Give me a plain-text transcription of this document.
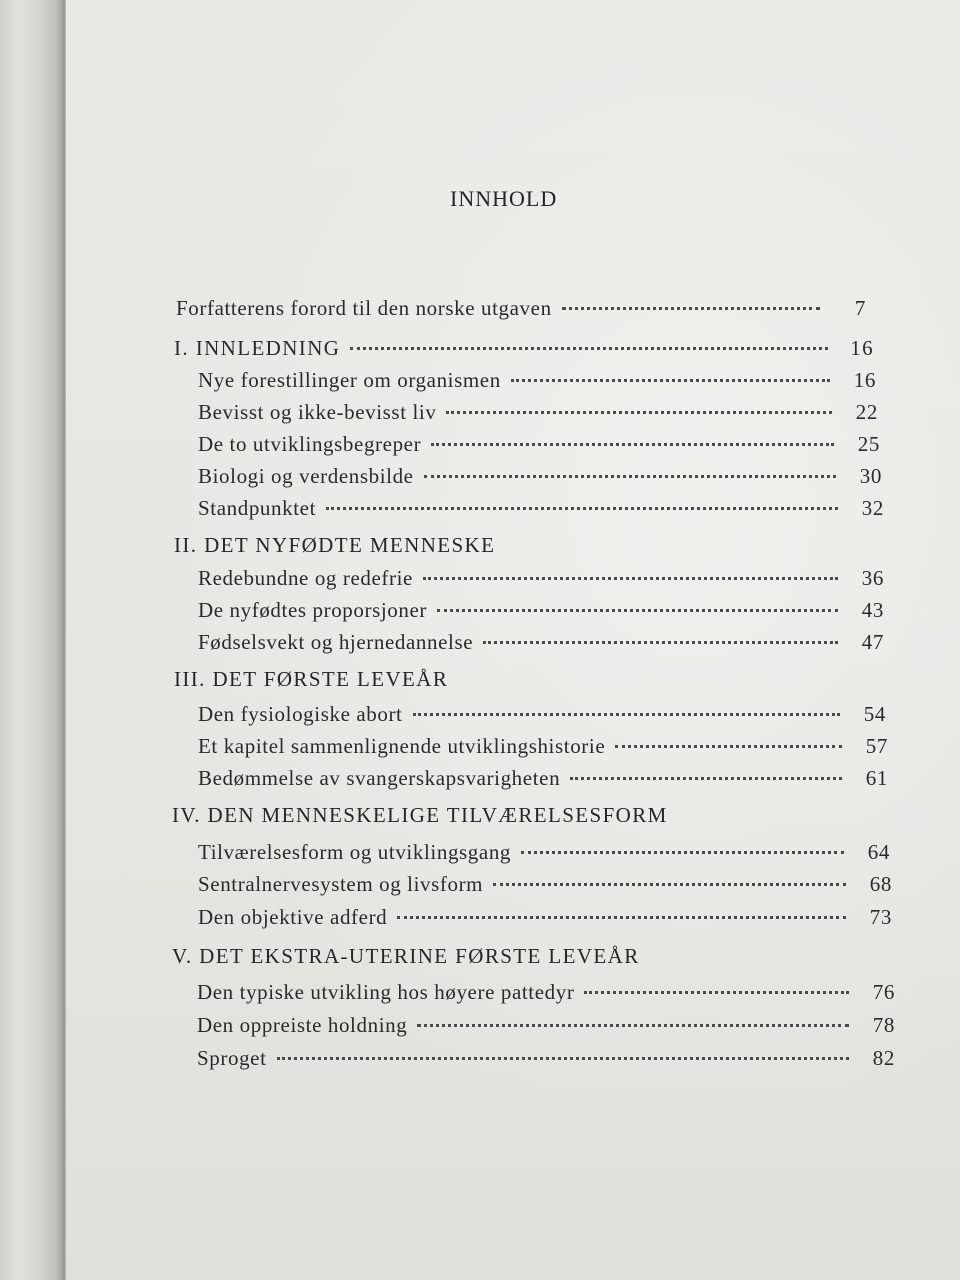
INNHOLD
Forfatterens forord til den norske utgaven	7
I. INNLEDNING	16
Nye forestillinger om organismen	16
Bevisst og ikke-bevisst liv	22
De to utviklingsbegreper	25
Biologi og verdensbilde	30
Standpunktet	32
II. DET NYFØDTE MENNESKE
Redebundne og redefrie	36
De nyfødtes proporsjoner	43
Fødselsvekt og hjernedannelse	47
III. DET FØRSTE LEVEÅR
Den fysiologiske abort	54
Et kapitel sammenlignende utviklingshistorie	57
Bedømmelse av svangerskapsvarigheten	61
IV. DEN MENNESKELIGE TILVÆRELSESFORM
Tilværelsesform og utviklingsgang	64
Sentralnervesystem og livsform	68
Den objektive adferd	73
V. DET EKSTRA-UTERINE FØRSTE LEVEÅR
Den typiske utvikling hos høyere pattedyr	76
Den oppreiste holdning	78
Sproget	82
